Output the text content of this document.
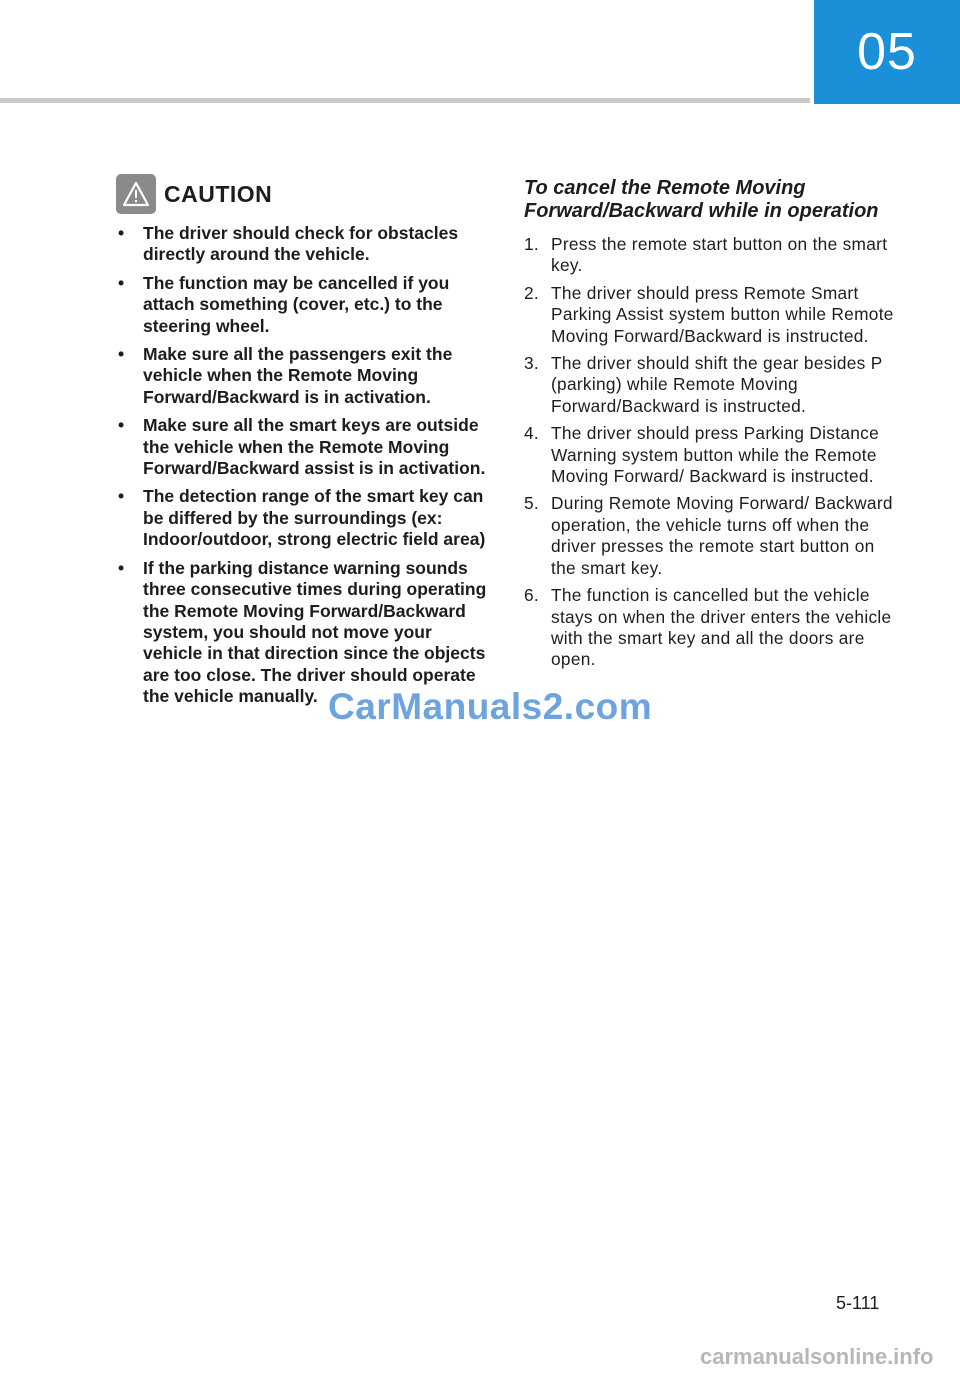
05
CAUTION
• The driver should check for obstacles directly around the vehicle.
• The function may be cancelled if you attach something (cover, etc.) to the steering wheel.
• Make sure all the passengers exit the vehicle when the Remote Moving Forward/Backward is in activation.
• Make sure all the smart keys are outside the vehicle when the Remote Moving Forward/Backward assist is in activation.
• The detection range of the smart key can be differed by the surroundings (ex: Indoor/outdoor, strong electric field area)
• If the parking distance warning sounds three consecutive times during operating the Remote Moving Forward/Backward system, you should not move your vehicle in that direction since the objects are too close. The driver should operate the vehicle manually.
To cancel the Remote Moving Forward/Backward while in operation
1. Press the remote start button on the smart key.
2. The driver should press Remote Smart Parking Assist system button while Remote Moving Forward/Backward is instructed.
3. The driver should shift the gear besides P (parking) while Remote Moving Forward/Backward is instructed.
4. The driver should press Parking Distance Warning system button while the Remote Moving Forward/ Backward is instructed.
5. During Remote Moving Forward/ Backward operation, the vehicle turns off when the driver presses the remote start button on the smart key.
6. The function is cancelled but the vehicle stays on when the driver enters the vehicle with the smart key and all the doors are open.
CarManuals2.com
5-111
carmanualsonline.info
